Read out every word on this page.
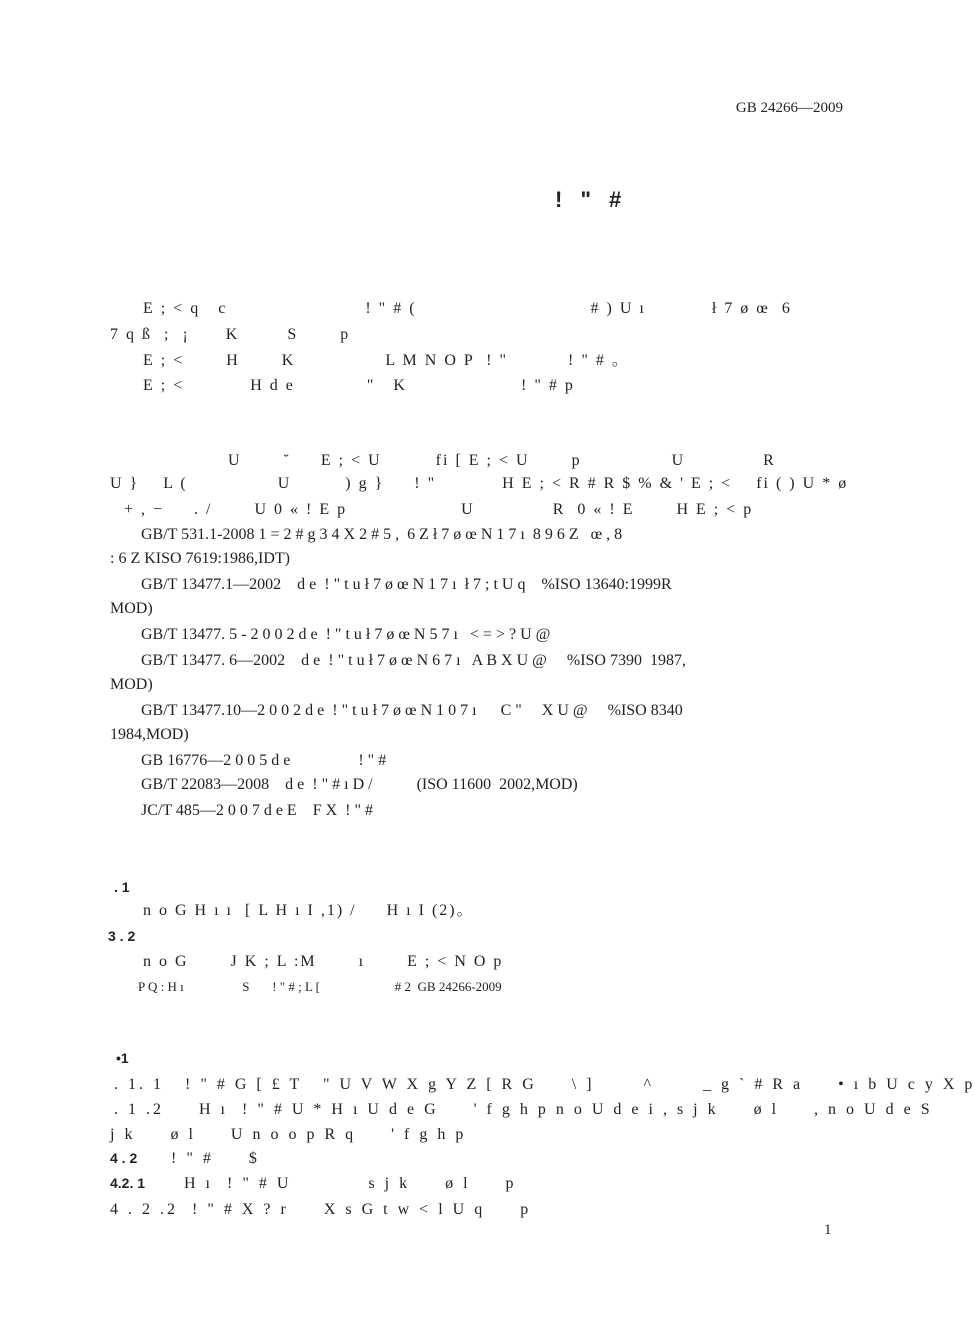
GB 24266—2009
! " #
E ; < q   c                       ! " # (                             # ) U ı           ł 7 ø œ  6
7 q ß  ;  ¡      K        S       p
E ; <       H       K               L M N O P  ! "          ! " # 。
E ; <           H d e            "   K                   ! " # p
U       ˘     E ; < U         fi [ E ; < U       p               U             R
U }    L (               U         ) g }     ! "           H E ; < R # R $ % & ' E ; <    fi ( ) U * ø
+ , −     . /       U 0 « ! E p                   U             R  0 « ! E       H E ; < p
GB/T 531.1-2008 1 = 2 # g 3 4 X 2 # 5 ,  6 Z ł 7 ø œ N 1 7 ı  8 9 6 Z   œ , 8
: 6 Z KISO 7619:1986,IDT)
GB/T 13477.1—2002    d e  ! " t u ł 7 ø œ N 1 7 ı  ł 7 ; t U q    %ISO 13640:1999R
MOD)
GB/T 13477. 5 - 2 0 0 2 d e  ! " t u ł 7 ø œ N 5 7 ı   < = > ? U @
GB/T 13477. 6—2002    d e  ! " t u ł 7 ø œ N 6 7 ı   A B X U @     %ISO 7390  1987,
MOD)
GB/T 13477.10—2 0 0 2 d e  ! " t u ł 7 ø œ N 1 0 7 ı      C "     X U @     %ISO 8340
1984,MOD)
GB 16776—2 0 0 5 d e                 ! " #
GB/T 22083—2008    d e  ! " # ı D /           (ISO 11600  2002,MOD)
JC/T 485—2 0 0 7 d e E    F X  ! " #
. 1
n o G H ı ı  [ L H ı I ,1) /     H ı I (2)。
3 . 2
n o G       J K ; L :M       ı       E ; < N O p
P Q : H ı                  S       ! " # ; L [                       # 2  GB 24266-2009
•1
. 1. 1   ! " # G [ £ T   " U V W X g Y Z [ R G     \ ]       ^       _ g ` # R a     • ı b U c y X p
. 1 .2     H ı  ! " # U * H ı U d e G     ' f g h p n o U d e i , s j k     ø l     , n o U d e S
j k     ø l     U n o o p R q     ' f g h p
4 . 2 ! " #     $
4.2. 1 H ı  ! " # U           s j k     ø l     p
4 . 2 .2  ! " # X ? r     X s G t w < l U q     p
1
